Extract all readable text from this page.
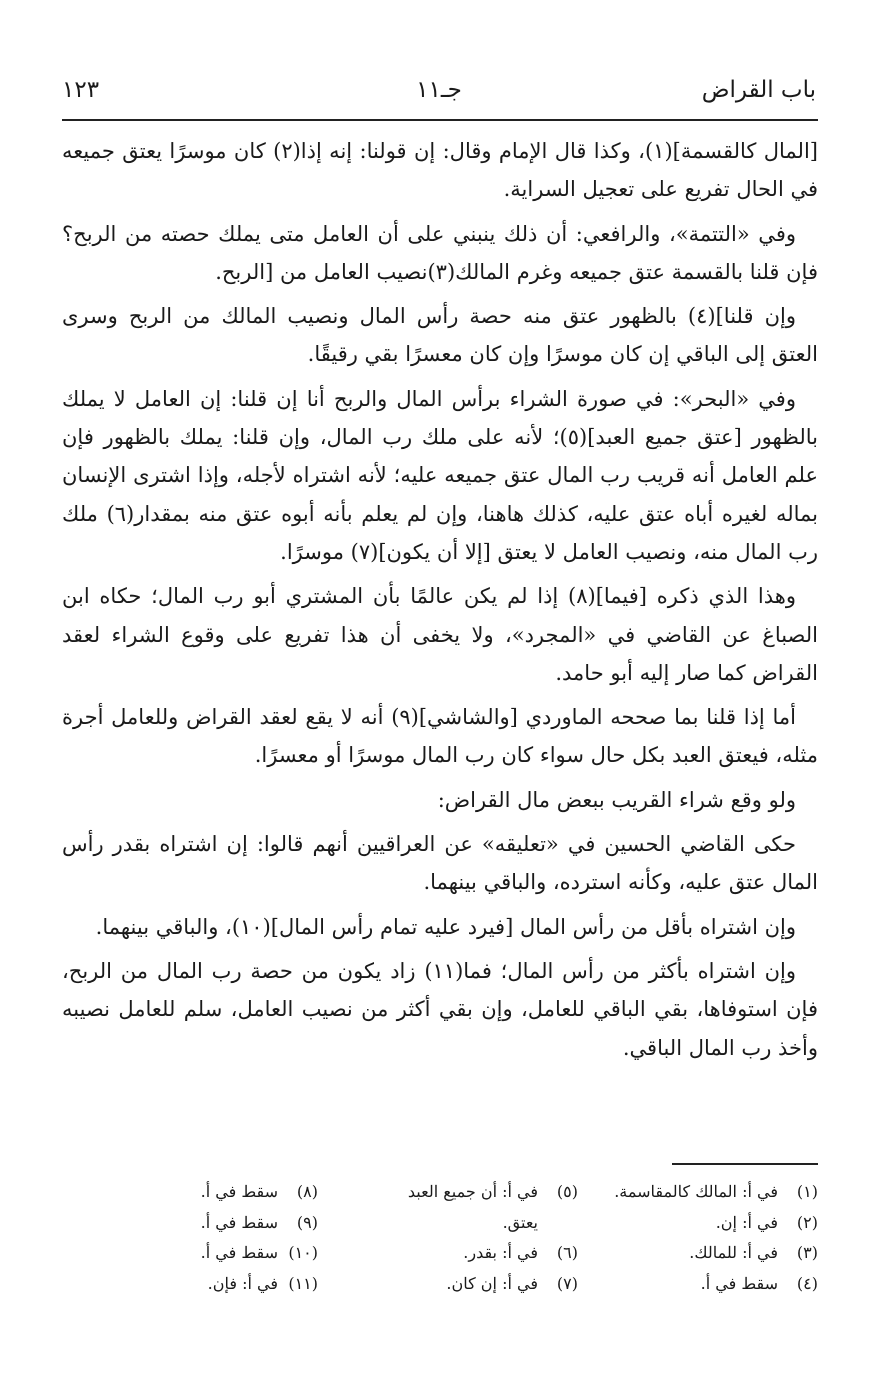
باب القراض
جـ١١
١٢٣

[المال كالقسمة](١)، وكذا قال الإمام وقال: إن قولنا: إنه إذا(٢) كان موسرًا يعتق جميعه في الحال تفريع على تعجيل السراية.

وفي «التتمة»، والرافعي: أن ذلك ينبني على أن العامل متى يملك حصته من الربح؟ فإن قلنا بالقسمة عتق جميعه وغرم المالك(٣)نصيب العامل من [الربح.

وإن قلنا](٤) بالظهور عتق منه حصة رأس المال ونصيب المالك من الربح وسرى العتق إلى الباقي إن كان موسرًا وإن كان معسرًا بقي رقيقًا.

وفي «البحر»: في صورة الشراء برأس المال والربح أنا إن قلنا: إن العامل لا يملك بالظهور [عتق جميع العبد](٥)؛ لأنه على ملك رب المال، وإن قلنا: يملك بالظهور فإن علم العامل أنه قريب رب المال عتق جميعه عليه؛ لأنه اشتراه لأجله، وإذا اشترى الإنسان بماله لغيره أباه عتق عليه، كذلك هاهنا، وإن لم يعلم بأنه أبوه عتق منه بمقدار(٦) ملك رب المال منه، ونصيب العامل لا يعتق [إلا أن يكون](٧) موسرًا.

وهذا الذي ذكره [فيما](٨) إذا لم يكن عالمًا بأن المشتري أبو رب المال؛ حكاه ابن الصباغ عن القاضي في «المجرد»، ولا يخفى أن هذا تفريع على وقوع الشراء لعقد القراض كما صار إليه أبو حامد.

أما إذا قلنا بما صححه الماوردي [والشاشي](٩) أنه لا يقع لعقد القراض وللعامل أجرة مثله، فيعتق العبد بكل حال سواء كان رب المال موسرًا أو معسرًا.

ولو وقع شراء القريب ببعض مال القراض:

حكى القاضي الحسين في «تعليقه» عن العراقيين أنهم قالوا: إن اشتراه بقدر رأس المال عتق عليه، وكأنه استرده، والباقي بينهما.

وإن اشتراه بأقل من رأس المال [فيرد عليه تمام رأس المال](١٠)، والباقي بينهما.

وإن اشتراه بأكثر من رأس المال؛ فما(١١) زاد يكون من حصة رب المال من الربح، فإن استوفاها، بقي الباقي للعامل، وإن بقي أكثر من نصيب العامل، سلم للعامل نصيبه وأخذ رب المال الباقي.

(١)في أ: المالك كالمقاسمة.
(٢)في أ: إن.
(٣)في أ: للمالك.
(٤)سقط في أ.
(٥)في أ: أن جميع العبد
يعتق.
(٦)في أ: بقدر.
(٧)في أ: إن كان.
(٨)سقط في أ.
(٩)سقط في أ.
(١٠)سقط في أ.
(١١)في أ: فإن.
